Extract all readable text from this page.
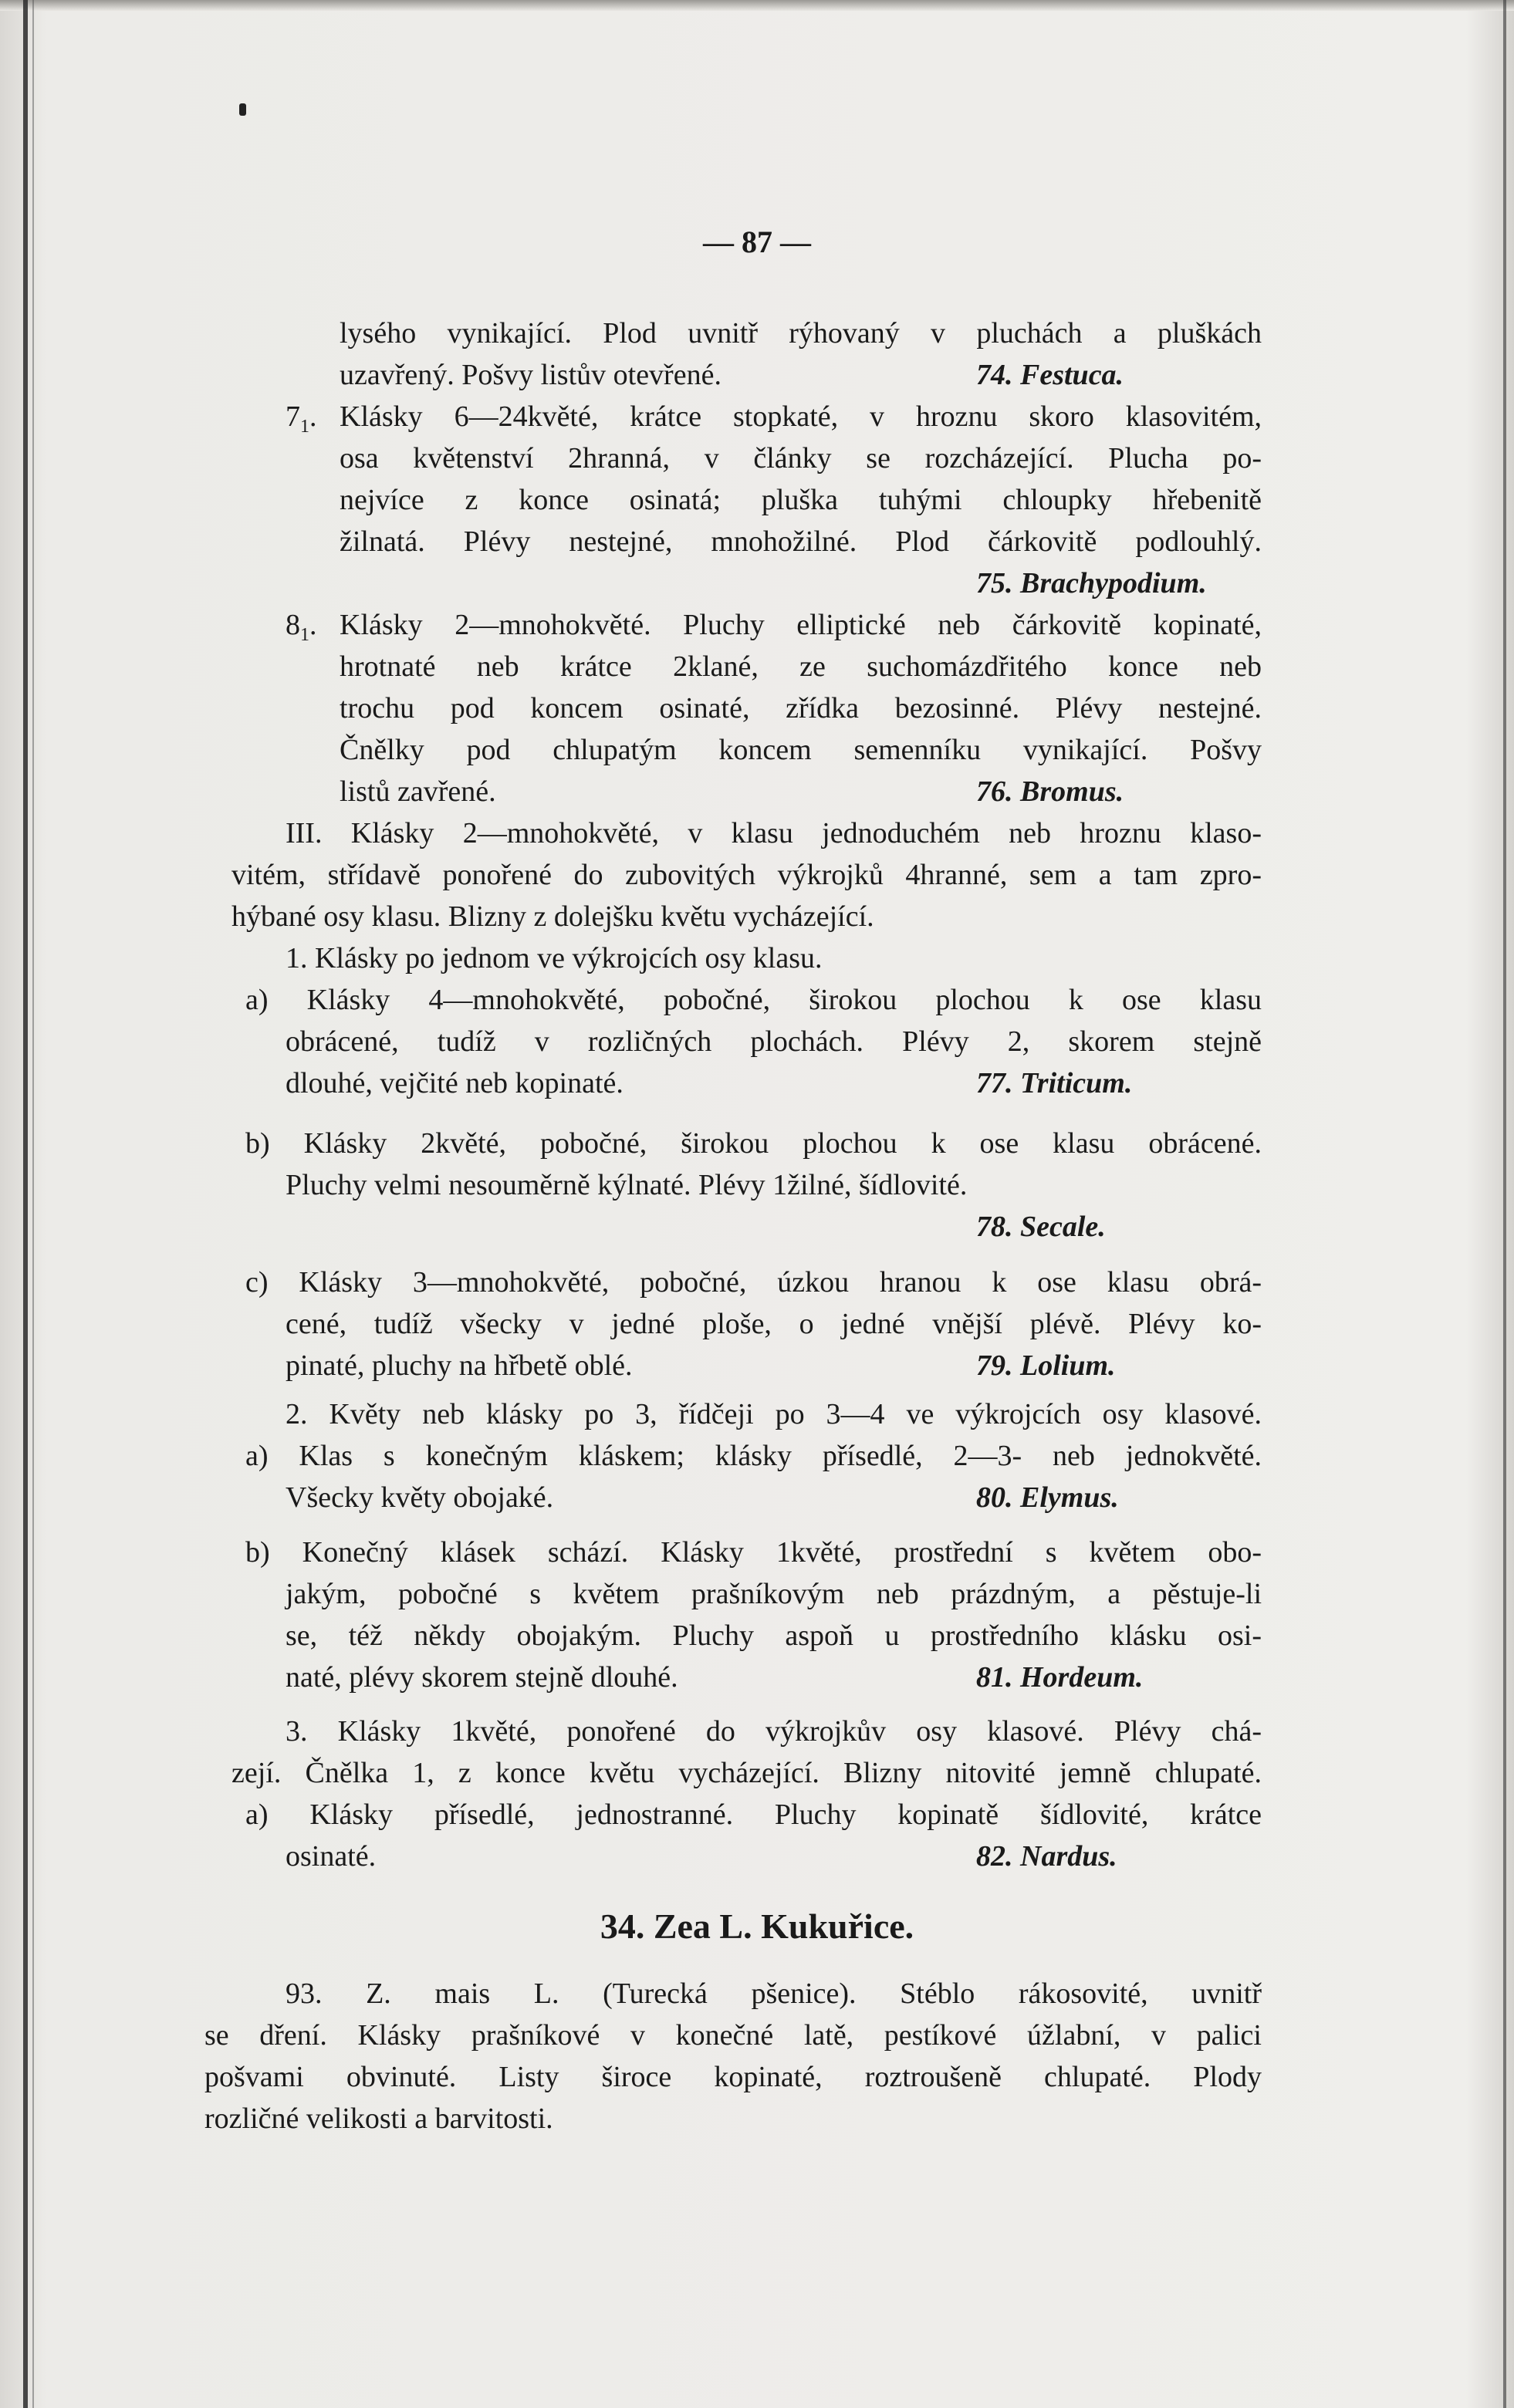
— 87 —
lysého vynikající. Plod uvnitř rýhovaný v pluchách a pluškách
uzavřený. Pošvy listův otevřené.	74. Festuca.
$7_1$. Klásky 6—24květé, krátce stopkaté, v hroznu skoro klasovitém,
osa květenství 2hranná, v články se rozcházející. Plucha po-
nejvíce z konce osinatá; pluška tuhými chloupky hřebenitě
žilnatá. Plévy nestejné, mnohožilné. Plod čárkovitě podlouhlý.
75. Brachypodium.
$8_1$. Klásky 2—mnohokvěté. Pluchy elliptické neb čárkovitě kopinaté,
hrotnaté neb krátce 2klané, ze suchomázdřitého konce neb
trochu pod koncem osinaté, zřídka bezosinné. Plévy nestejné.
Čnělky pod chlupatým koncem semenníku vynikající. Pošvy
listů zavřené.	76. Bromus.
III. Klásky 2—mnohokvěté, v klasu jednoduchém neb hroznu klaso-
vitém, střídavě ponořené do zubovitých výkrojků 4hranné, sem a tam zpro-
hýbané osy klasu. Blizny z dolejšku květu vycházející.
1. Klásky po jednom ve výkrojcích osy klasu.
a) Klásky 4—mnohokvěté, pobočné, širokou plochou k ose klasu
obrácené, tudíž v rozličných plochách. Plévy 2, skorem stejně
dlouhé, vejčité neb kopinaté.	77. Triticum.
b) Klásky 2květé, pobočné, širokou plochou k ose klasu obrácené.
Pluchy velmi nesouměrně kýlnaté. Plévy 1žilné, šídlovité.
78. Secale.
c) Klásky 3—mnohokvěté, pobočné, úzkou hranou k ose klasu obrá-
cené, tudíž všecky v jedné ploše, o jedné vnější plévě. Plévy ko-
pinaté, pluchy na hřbetě oblé.	79. Lolium.
2. Květy neb klásky po 3, řídčeji po 3—4 ve výkrojcích osy klasové.
a) Klas s konečným kláskem; klásky přísedlé, 2—3- neb jednokvěté.
Všecky květy obojaké.	80. Elymus.
b) Konečný klásek schází. Klásky 1květé, prostřední s květem obo-
jakým, pobočné s květem prašníkovým neb prázdným, a pěstuje-li
se, též někdy obojakým. Pluchy aspoň u prostředního klásku osi-
naté, plévy skorem stejně dlouhé.	81. Hordeum.
3. Klásky 1květé, ponořené do výkrojkův osy klasové. Plévy chá-
zejí. Čnělka 1, z konce květu vycházející. Blizny nitovité jemně chlupaté.
a) Klásky přísedlé, jednostranné. Pluchy kopinatě šídlovité, krátce
osinaté.	82. Nardus.
34. Zea L. Kukuřice.
93. Z. mais L. (Turecká pšenice). Stéblo rákosovité, uvnitř
se dření. Klásky prašníkové v konečné latě, pestíkové úžlabní, v palici
pošvami obvinuté. Listy široce kopinaté, roztroušeně chlupaté. Plody
rozličné velikosti a barvitosti.
